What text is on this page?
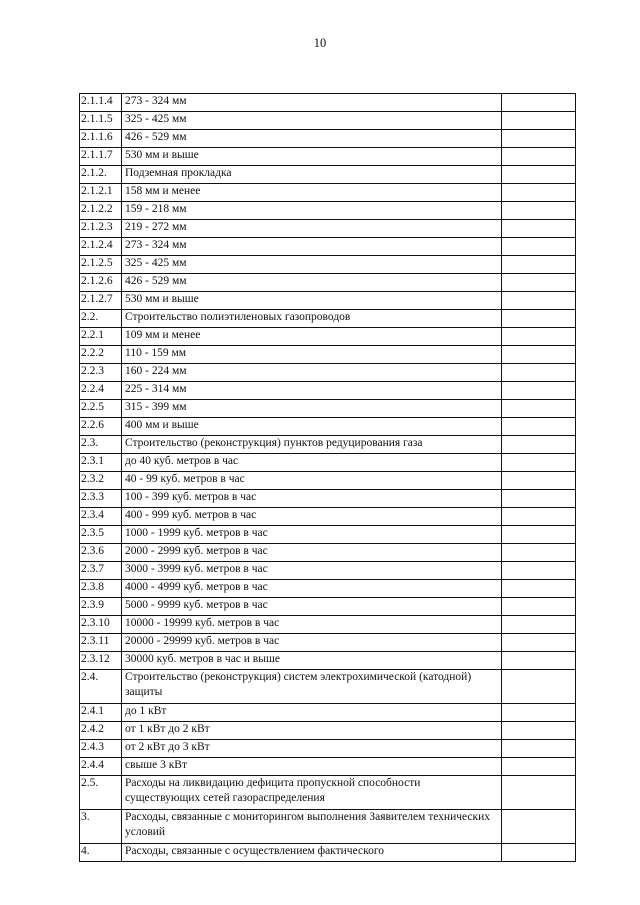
10
2.1.1.4	273 - 324 мм	
2.1.1.5	325 - 425 мм	
2.1.1.6	426 - 529 мм	
2.1.1.7	530 мм и выше	
2.1.2.	Подземная прокладка	
2.1.2.1	158 мм и менее	
2.1.2.2	159 - 218 мм	
2.1.2.3	219 - 272 мм	
2.1.2.4	273 - 324 мм	
2.1.2.5	325 - 425 мм	
2.1.2.6	426 - 529 мм	
2.1.2.7	530 мм и выше	
2.2.	Строительство полиэтиленовых газопроводов	
2.2.1	109 мм и менее	
2.2.2	110 - 159 мм	
2.2.3	160 - 224 мм	
2.2.4	225 - 314 мм	
2.2.5	315 - 399 мм	
2.2.6	400 мм и выше	
2.3.	Строительство (реконструкция) пунктов редуцирования газа	
2.3.1	до 40 куб. метров в час	
2.3.2	40 - 99 куб. метров в час	
2.3.3	100 - 399 куб. метров в час	
2.3.4	400 - 999 куб. метров в час	
2.3.5	1000 - 1999 куб. метров в час	
2.3.6	2000 - 2999 куб. метров в час	
2.3.7	3000 - 3999 куб. метров в час	
2.3.8	4000 - 4999 куб. метров в час	
2.3.9	5000 - 9999 куб. метров в час	
2.3.10	10000 - 19999 куб. метров в час	
2.3.11	20000 - 29999 куб. метров в час	
2.3.12	30000 куб. метров в час и выше	
2.4.	Строительство (реконструкция) систем электрохимической (катодной) защиты	
2.4.1	до 1 кВт	
2.4.2	от 1 кВт до 2 кВт	
2.4.3	от 2 кВт до 3 кВт	
2.4.4	свыше 3 кВт	
2.5.	Расходы на ликвидацию дефицита пропускной способности существующих сетей газораспределения	
3.	Расходы, связанные с мониторингом выполнения Заявителем технических условий	
4.	Расходы, связанные с осуществлением фактического	
